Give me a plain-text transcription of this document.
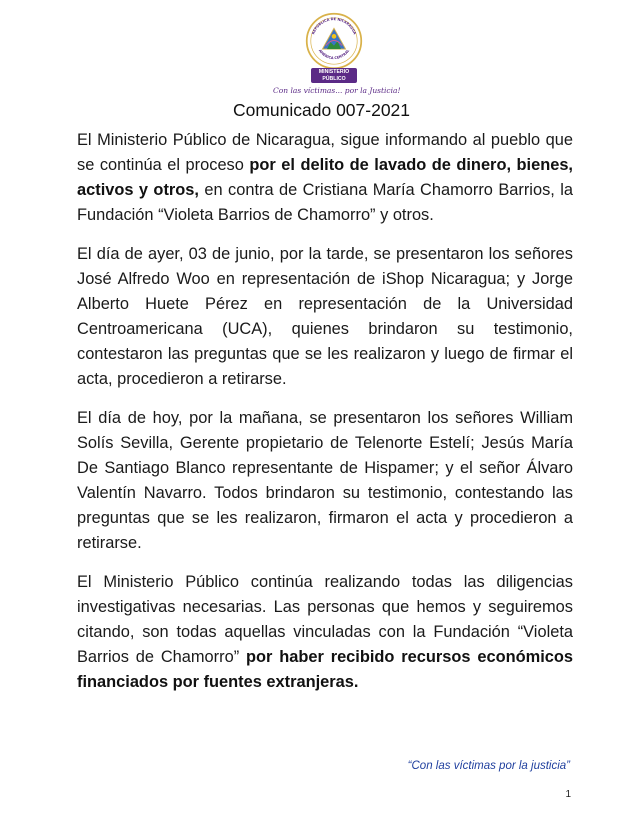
REPÚBLICA DE NICARAGUA
AMÉRICA CENTRAL
MINISTERIO
PÚBLICO
Con las víctimas... por la Justicia!
Comunicado 007-2021

El Ministerio Público de Nicaragua, sigue informando al pueblo que se continúa el proceso por el delito de lavado de dinero, bienes, activos y otros, en contra de Cristiana María Chamorro Barrios, la Fundación “Violeta Barrios de Chamorro” y otros.

El día de ayer, 03 de junio, por la tarde, se presentaron los señores José Alfredo Woo en representación de iShop Nicaragua; y Jorge Alberto Huete Pérez en representación de la Universidad Centroamericana (UCA), quienes brindaron su testimonio, contestaron las preguntas que se les realizaron y luego de firmar el acta, procedieron a retirarse.

El día de hoy, por la mañana, se presentaron los señores William Solís Sevilla, Gerente propietario de Telenorte Estelí; Jesús María De Santiago Blanco representante de Hispamer; y el señor Álvaro Valentín Navarro. Todos brindaron su testimonio, contestando las preguntas que se les realizaron, firmaron el acta y procedieron a retirarse.

El Ministerio Público continúa realizando todas las diligencias investigativas necesarias. Las personas que hemos y seguiremos citando, son todas aquellas vinculadas con la Fundación “Violeta Barrios de Chamorro” por haber recibido recursos económicos financiados por fuentes extranjeras.

“Con las víctimas por la justicia”
1
